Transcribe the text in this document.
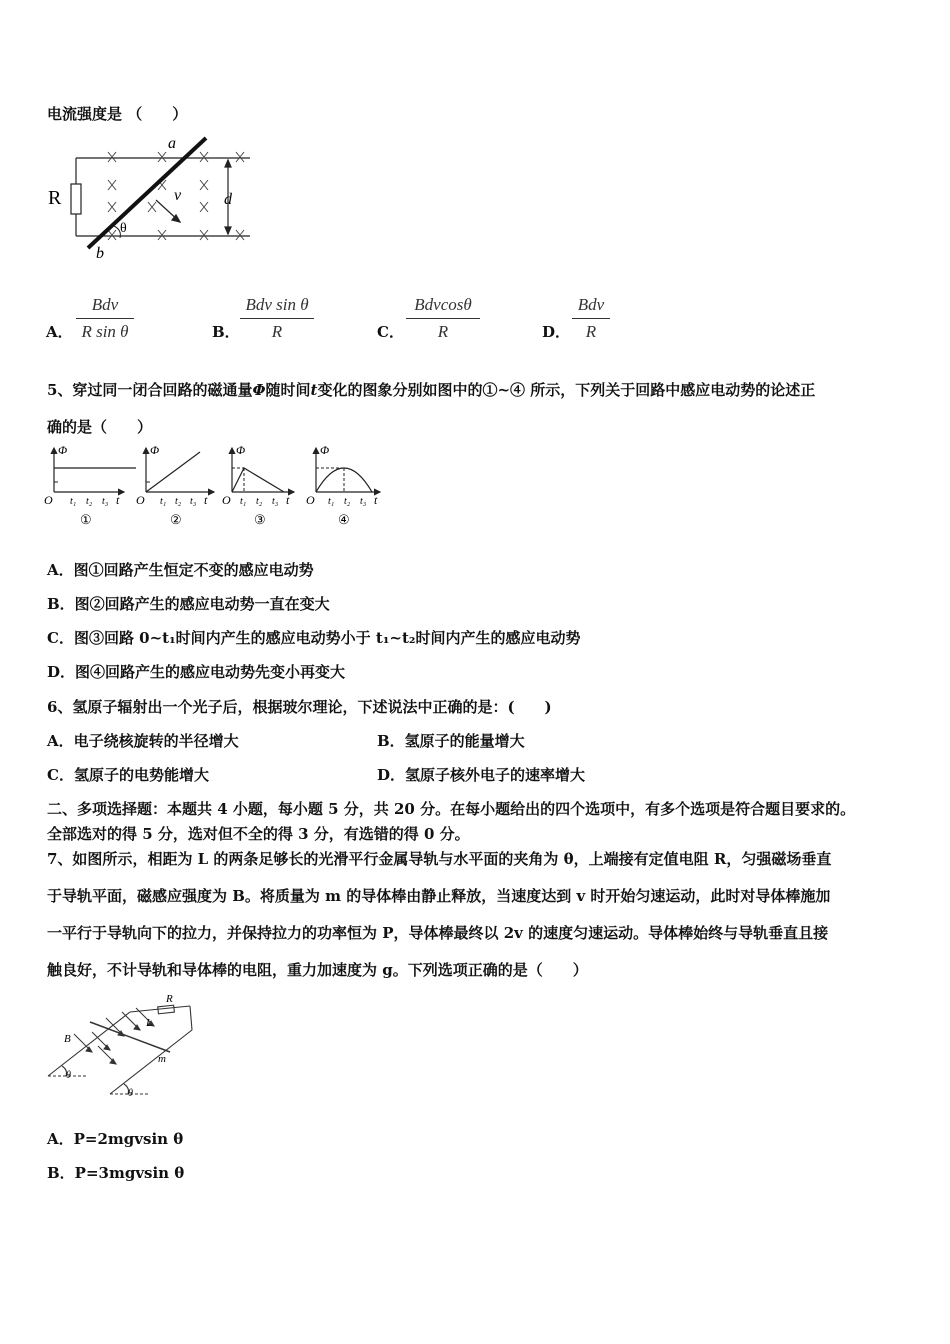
电流强度是 （　　）
a
b
R	v	d
θ
A．
Bdv
R sin θ	B．
Bdv sin θ
R	C．
Bdvcosθ
R	D．
Bdv
R
5、穿过同一闭合回路的磁通量Φ随时间t变化的图象分别如图中的①~④ 所示，下列关于回路中感应电动势的论述正
确的是（　　）
Φ
O t₁ t₂ t₃ t
①
Φ
O t₁ t₂ t₃ t
②
Φ
O t₁ t₂ t₃ t
③
Φ
O t₁ t₂ t₃ t
④
A．图①回路产生恒定不变的感应电动势
B．图②回路产生的感应电动势一直在变大
C．图③回路 0~t₁时间内产生的感应电动势小于 t₁~t₂时间内产生的感应电动势
D．图④回路产生的感应电动势先变小再变大
6、氢原子辐射出一个光子后，根据玻尔理论，下述说法中正确的是：(　　)
A．电子绕核旋转的半径增大	B．氢原子的能量增大
C．氢原子的电势能增大	D．氢原子核外电子的速率增大
二、多项选择题：本题共 4 小题，每小题 5 分，共 20 分。在每小题给出的四个选项中，有多个选项是符合题目要求的。
全部选对的得 5 分，选对但不全的得 3 分，有选错的得 0 分。
7、如图所示，相距为 L 的两条足够长的光滑平行金属导轨与水平面的夹角为 θ，上端接有定值电阻 R，匀强磁场垂直
于导轨平面，磁感应强度为 B。将质量为 m 的导体棒由静止释放，当速度达到 v 时开始匀速运动，此时对导体棒施加
一平行于导轨向下的拉力，并保持拉力的功率恒为 P，导体棒最终以 2v 的速度匀速运动。导体棒始终与导轨垂直且接
触良好，不计导轨和导体棒的电阻，重力加速度为 g。下列选项正确的是（　　）
R
L
B
m
θ
θ
A．P=2mgvsin θ
B．P=3mgvsin θ
